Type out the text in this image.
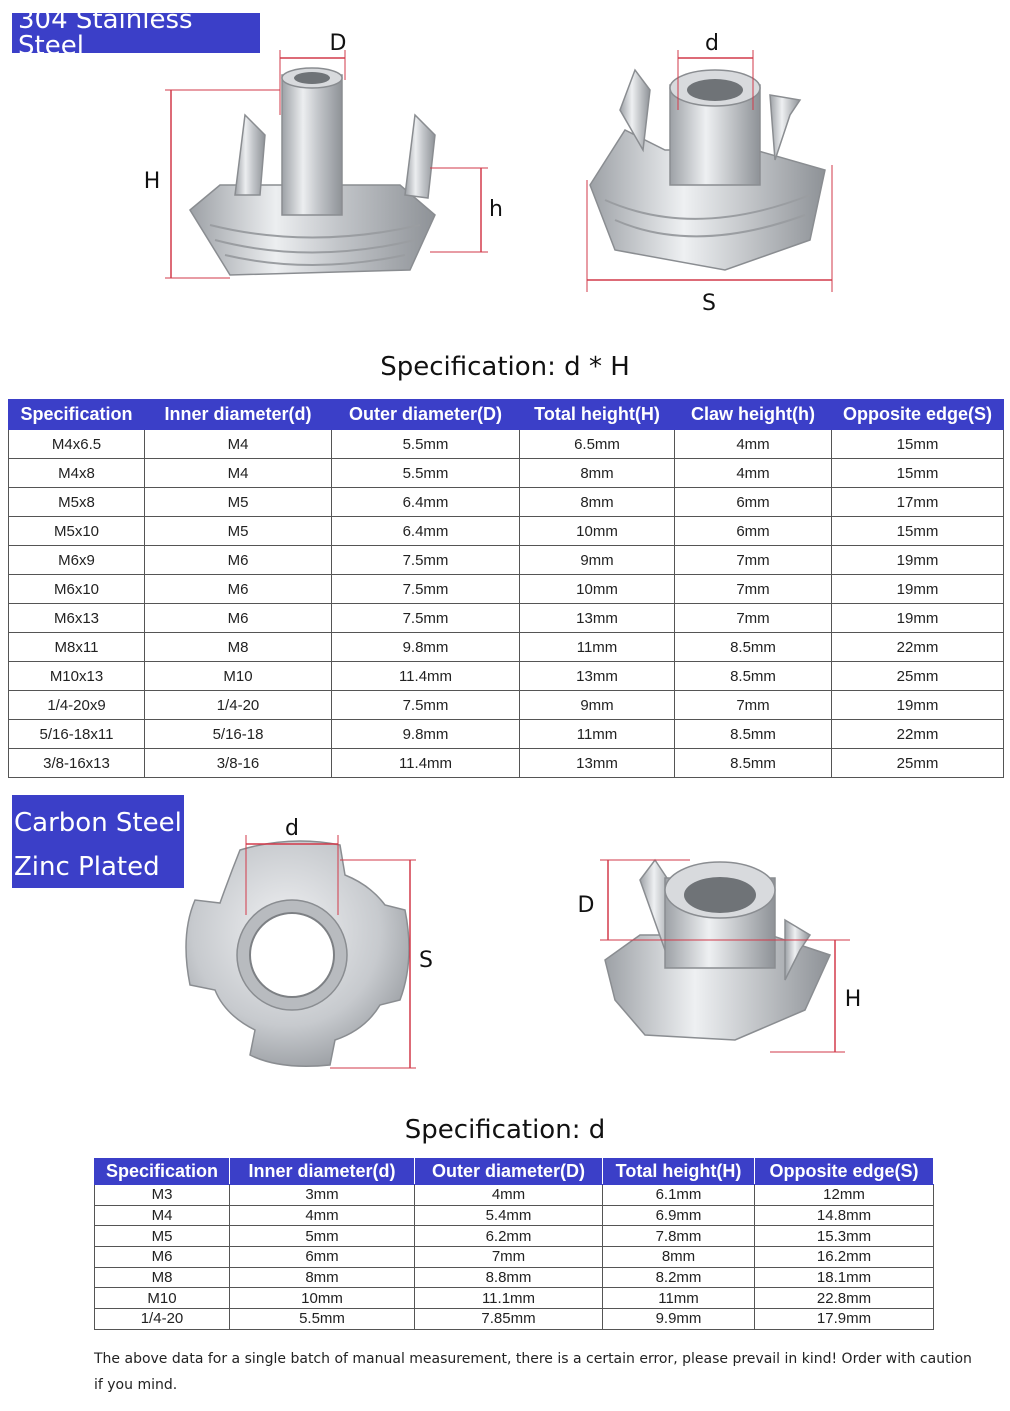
304 Stainless Steel	D
H
h
d
S
Specification: d * H
Specification	Inner diameter(d)	Outer diameter(D)	Total height(H)	Claw height(h)	Opposite edge(S)
M4x6.5	M4	5.5mm	6.5mm	4mm	15mm
M4x8	M4	5.5mm	8mm	4mm	15mm
M5x8	M5	6.4mm	8mm	6mm	17mm
M5x10	M5	6.4mm	10mm	6mm	15mm
M6x9	M6	7.5mm	9mm	7mm	19mm
M6x10	M6	7.5mm	10mm	7mm	19mm
M6x13	M6	7.5mm	13mm	7mm	19mm
M8x11	M8	9.8mm	11mm	8.5mm	22mm
M10x13	M10	11.4mm	13mm	8.5mm	25mm
1/4-20x9	1/4-20	7.5mm	9mm	7mm	19mm
5/16-18x11	5/16-18	9.8mm	11mm	8.5mm	22mm
3/8-16x13	3/8-16	11.4mm	13mm	8.5mm	25mm
Carbon Steel
Zinc Plated
d
S
D
H
Specification: d
Specification	Inner diameter(d)	Outer diameter(D)	Total height(H)	Opposite edge(S)
M3	3mm	4mm	6.1mm	12mm
M4	4mm	5.4mm	6.9mm	14.8mm
M5	5mm	6.2mm	7.8mm	15.3mm
M6	6mm	7mm	8mm	16.2mm
M8	8mm	8.8mm	8.2mm	18.1mm
M10	10mm	11.1mm	11mm	22.8mm
1/4-20	5.5mm	7.85mm	9.9mm	17.9mm
The above data for a single batch of manual measurement, there is a certain error, please prevail in kind! Order with caution if you mind.
